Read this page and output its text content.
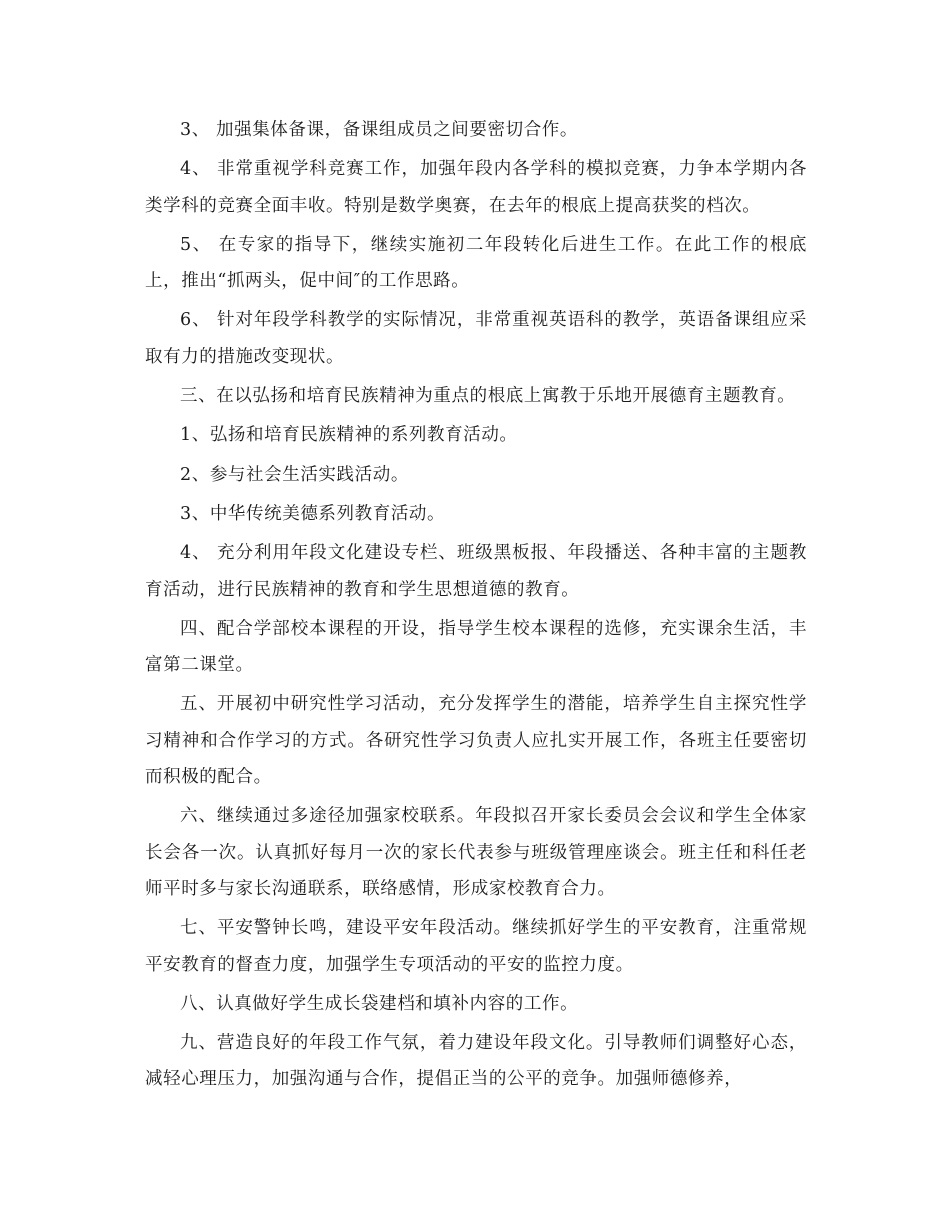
3、 加强集体备课，备课组成员之间要密切合作。

4、 非常重视学科竞赛工作，加强年段内各学科的模拟竞赛，力争本学期内各类学科的竞赛全面丰收。特别是数学奥赛，在去年的根底上提高获奖的档次。

5、 在专家的指导下，继续实施初二年段转化后进生工作。在此工作的根底上，推出“抓两头，促中间″的工作思路。

6、 针对年段学科教学的实际情况，非常重视英语科的教学，英语备课组应采取有力的措施改变现状。

三、在以弘扬和培育民族精神为重点的根底上寓教于乐地开展德育主题教育。

1、弘扬和培育民族精神的系列教育活动。

2、参与社会生活实践活动。

3、中华传统美德系列教育活动。

4、 充分利用年段文化建设专栏、班级黑板报、年段播送、各种丰富的主题教育活动，进行民族精神的教育和学生思想道德的教育。

四、配合学部校本课程的开设，指导学生校本课程的选修，充实课余生活，丰富第二课堂。

五、开展初中研究性学习活动，充分发挥学生的潜能，培养学生自主探究性学习精神和合作学习的方式。各研究性学习负责人应扎实开展工作，各班主任要密切而积极的配合。

六、继续通过多途径加强家校联系。年段拟召开家长委员会会议和学生全体家长会各一次。认真抓好每月一次的家长代表参与班级管理座谈会。班主任和科任老师平时多与家长沟通联系，联络感情，形成家校教育合力。

七、平安警钟长鸣，建设平安年段活动。继续抓好学生的平安教育，注重常规平安教育的督查力度，加强学生专项活动的平安的监控力度。

八、认真做好学生成长袋建档和填补内容的工作。

九、营造良好的年段工作气氛，着力建设年段文化。引导教师们调整好心态，减轻心理压力，加强沟通与合作，提倡正当的公平的竞争。加强师德修养，
